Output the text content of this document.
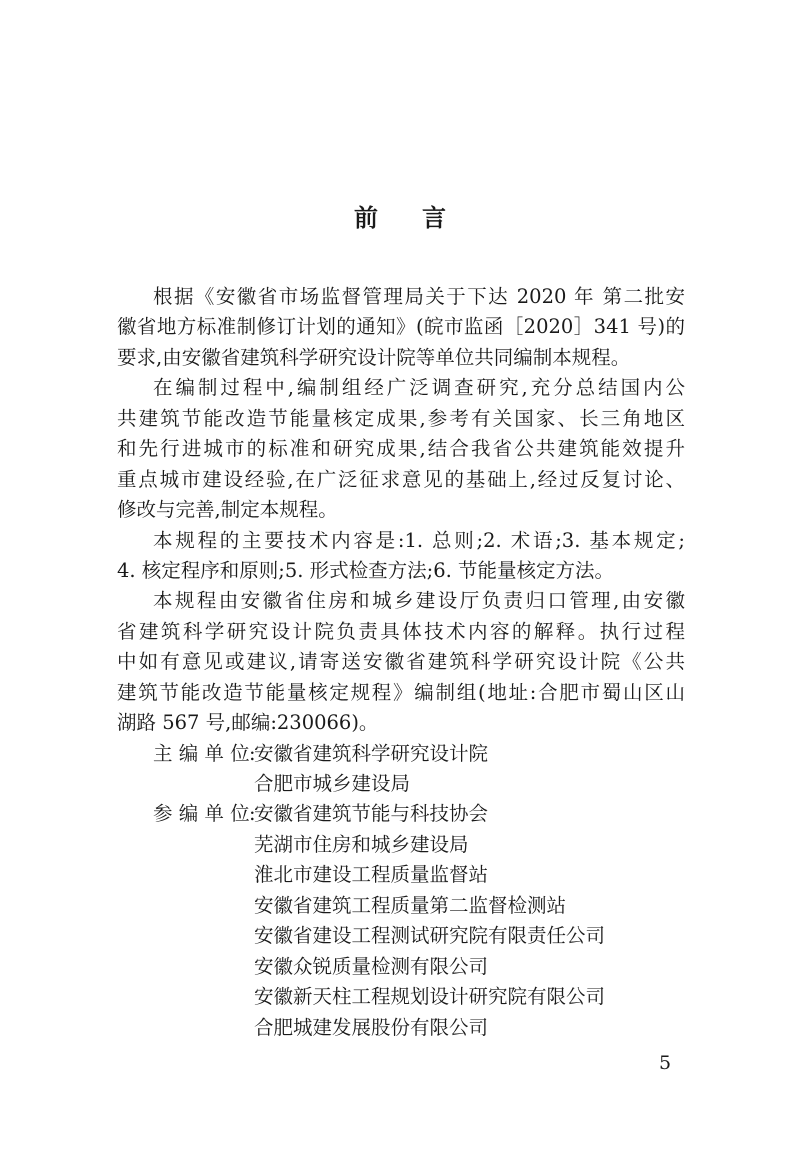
前 言
根据《安徽省市场监督管理局关于下达 2020 年 第二批安
徽省地方标准制修订计划的通知》(皖市监函［2020］341 号)的
要求,由安徽省建筑科学研究设计院等单位共同编制本规程。
在编制过程中,编制组经广泛调查研究,充分总结国内公
共建筑节能改造节能量核定成果,参考有关国家、长三角地区
和先行进城市的标准和研究成果,结合我省公共建筑能效提升
重点城市建设经验,在广泛征求意见的基础上,经过反复讨论、
修改与完善,制定本规程。
本规程的主要技术内容是:1. 总则;2. 术语;3. 基本规定;
4. 核定程序和原则;5. 形式检查方法;6. 节能量核定方法。
本规程由安徽省住房和城乡建设厅负责归口管理,由安徽
省建筑科学研究设计院负责具体技术内容的解释。执行过程
中如有意见或建议,请寄送安徽省建筑科学研究设计院《公共
建筑节能改造节能量核定规程》编制组(地址:合肥市蜀山区山
湖路 567 号,邮编:230066)。
主 编 单 位:
安徽省建筑科学研究设计院
合肥市城乡建设局
参 编 单 位:
安徽省建筑节能与科技协会
芜湖市住房和城乡建设局
淮北市建设工程质量监督站
安徽省建筑工程质量第二监督检测站
安徽省建设工程测试研究院有限责任公司
安徽众锐质量检测有限公司
安徽新天柱工程规划设计研究院有限公司
合肥城建发展股份有限公司
5
